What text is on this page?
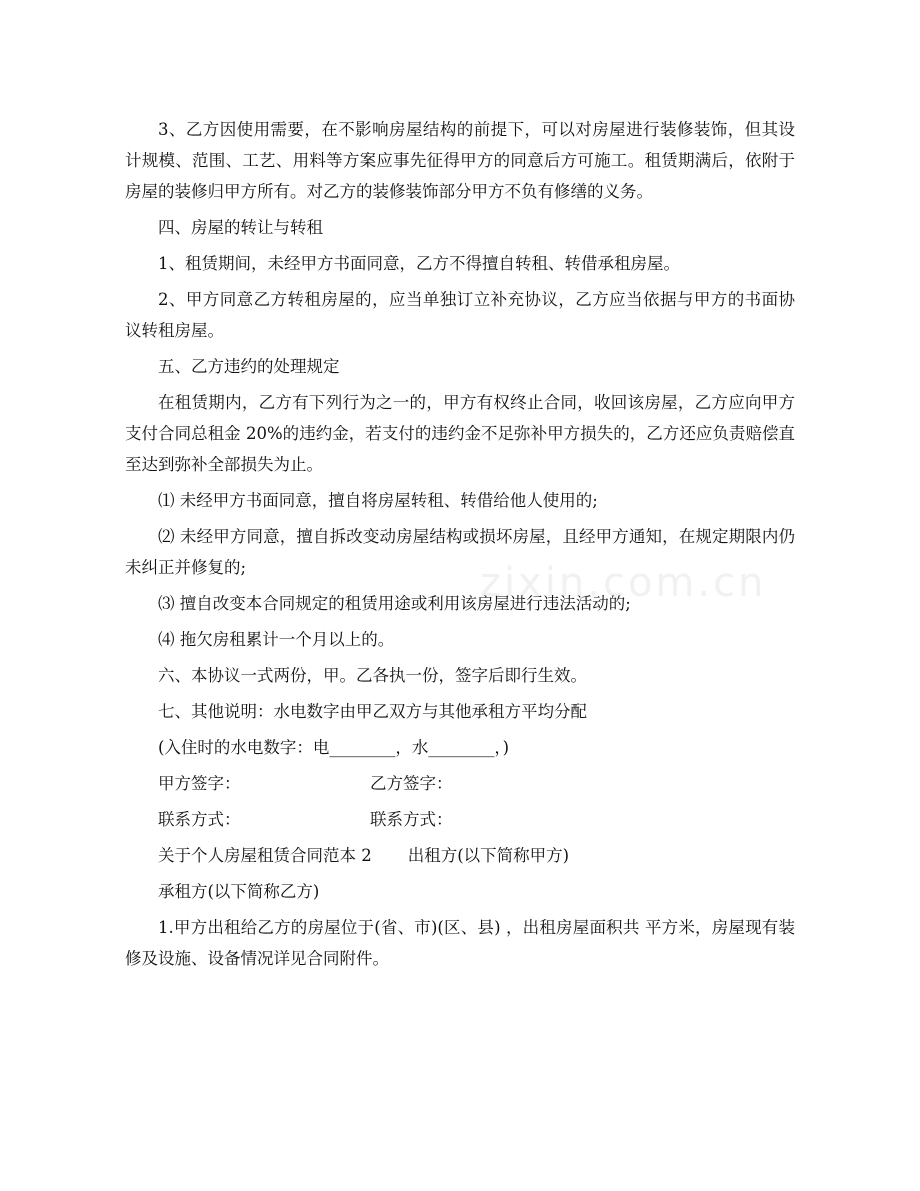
3、乙方因使用需要，在不影响房屋结构的前提下，可以对房屋进行装修装饰，但其设计规模、范围、工艺、用料等方案应事先征得甲方的同意后方可施工。租赁期满后，依附于房屋的装修归甲方所有。对乙方的装修装饰部分甲方不负有修缮的义务。

四、房屋的转让与转租

1、租赁期间，未经甲方书面同意，乙方不得擅自转租、转借承租房屋。

2、甲方同意乙方转租房屋的，应当单独订立补充协议，乙方应当依据与甲方的书面协议转租房屋。

五、乙方违约的处理规定

在租赁期内，乙方有下列行为之一的，甲方有权终止合同，收回该房屋，乙方应向甲方支付合同总租金 20%的违约金，若支付的违约金不足弥补甲方损失的，乙方还应负责赔偿直至达到弥补全部损失为止。

⑴ 未经甲方书面同意，擅自将房屋转租、转借给他人使用的;

⑵ 未经甲方同意，擅自拆改变动房屋结构或损坏房屋，且经甲方通知，在规定期限内仍未纠正并修复的;

⑶ 擅自改变本合同规定的租赁用途或利用该房屋进行违法活动的;

⑷ 拖欠房租累计一个月以上的。

六、本协议一式两份，甲。乙各执一份，签字后即行生效。

七、其他说明：水电数字由甲乙双方与其他承租方平均分配

(入住时的水电数字：电________，水________，)

甲方签字：	乙方签字：
联系方式：	联系方式：

关于个人房屋租赁合同范本 2 出租方(以下简称甲方)

承租方(以下简称乙方)

1.甲方出租给乙方的房屋位于(省、市)(区、县) ，出租房屋面积共 平方米，房屋现有装修及设施、设备情况详见合同附件。

zixin.com.cn
